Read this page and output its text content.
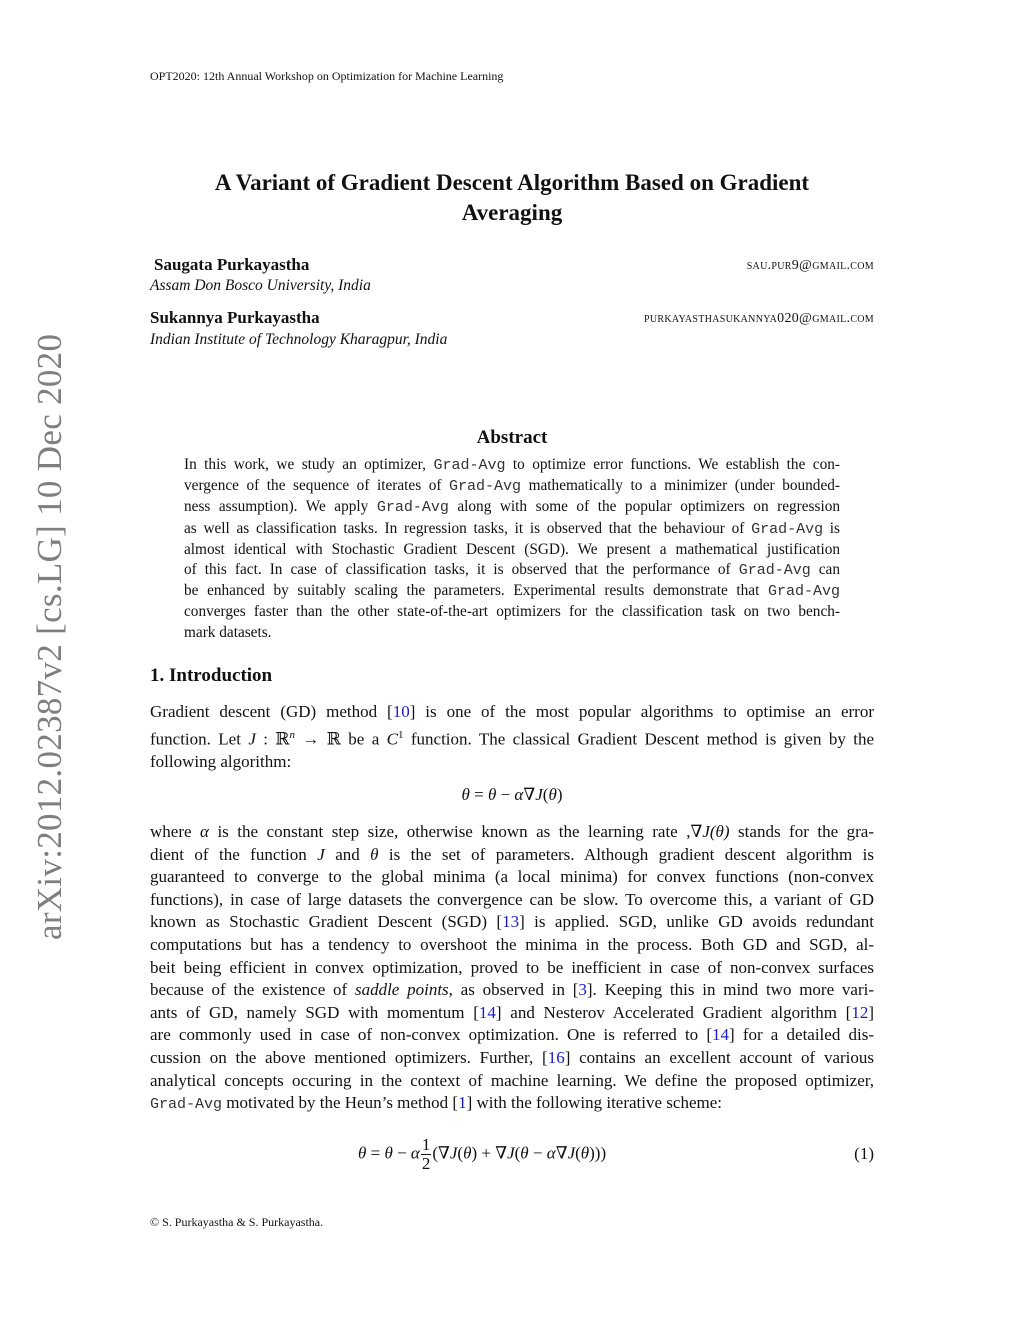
arXiv:2012.02387v2 [cs.LG] 10 Dec 2020
OPT2020: 12th Annual Workshop on Optimization for Machine Learning
A Variant of Gradient Descent Algorithm Based on Gradient
Averaging
Saugata Purkayastha	sau.pur9@gmail.com
Assam Don Bosco University, India
Sukannya Purkayastha	purkayasthasukannya020@gmail.com
Indian Institute of Technology Kharagpur, India
Abstract
In this work, we study an optimizer, Grad-Avg to optimize error functions. We establish the con-
vergence of the sequence of iterates of Grad-Avg mathematically to a minimizer (under bounded-
ness assumption). We apply Grad-Avg along with some of the popular optimizers on regression
as well as classification tasks. In regression tasks, it is observed that the behaviour of Grad-Avg is
almost identical with Stochastic Gradient Descent (SGD). We present a mathematical justification
of this fact. In case of classification tasks, it is observed that the performance of Grad-Avg can
be enhanced by suitably scaling the parameters. Experimental results demonstrate that Grad-Avg
converges faster than the other state-of-the-art optimizers for the classification task on two bench-
mark datasets.
1. Introduction
Gradient descent (GD) method [10] is one of the most popular algorithms to optimise an error
function. Let J : ℝ$^n$ → ℝ be a $C^1$ function. The classical Gradient Descent method is given by the
following algorithm:
θ = θ − α∇J(θ)
where α is the constant step size, otherwise known as the learning rate ,∇J(θ) stands for the gra-
dient of the function J and θ is the set of parameters. Although gradient descent algorithm is
guaranteed to converge to the global minima (a local minima) for convex functions (non-convex
functions), in case of large datasets the convergence can be slow. To overcome this, a variant of GD
known as Stochastic Gradient Descent (SGD) [13] is applied. SGD, unlike GD avoids redundant
computations but has a tendency to overshoot the minima in the process. Both GD and SGD, al-
beit being efficient in convex optimization, proved to be inefficient in case of non-convex surfaces
because of the existence of saddle points, as observed in [3]. Keeping this in mind two more vari-
ants of GD, namely SGD with momentum [14] and Nesterov Accelerated Gradient algorithm [12]
are commonly used in case of non-convex optimization. One is referred to [14] for a detailed dis-
cussion on the above mentioned optimizers. Further, [16] contains an excellent account of various
analytical concepts occuring in the context of machine learning. We define the proposed optimizer,
Grad-Avg motivated by the Heun’s method [1] with the following iterative scheme:
θ = θ − α $\frac{1}{2} (\nabla J(\theta) + \nabla J(\theta - \alpha\nabla J(\theta)))$	(1)
© S. Purkayastha & S. Purkayastha.
